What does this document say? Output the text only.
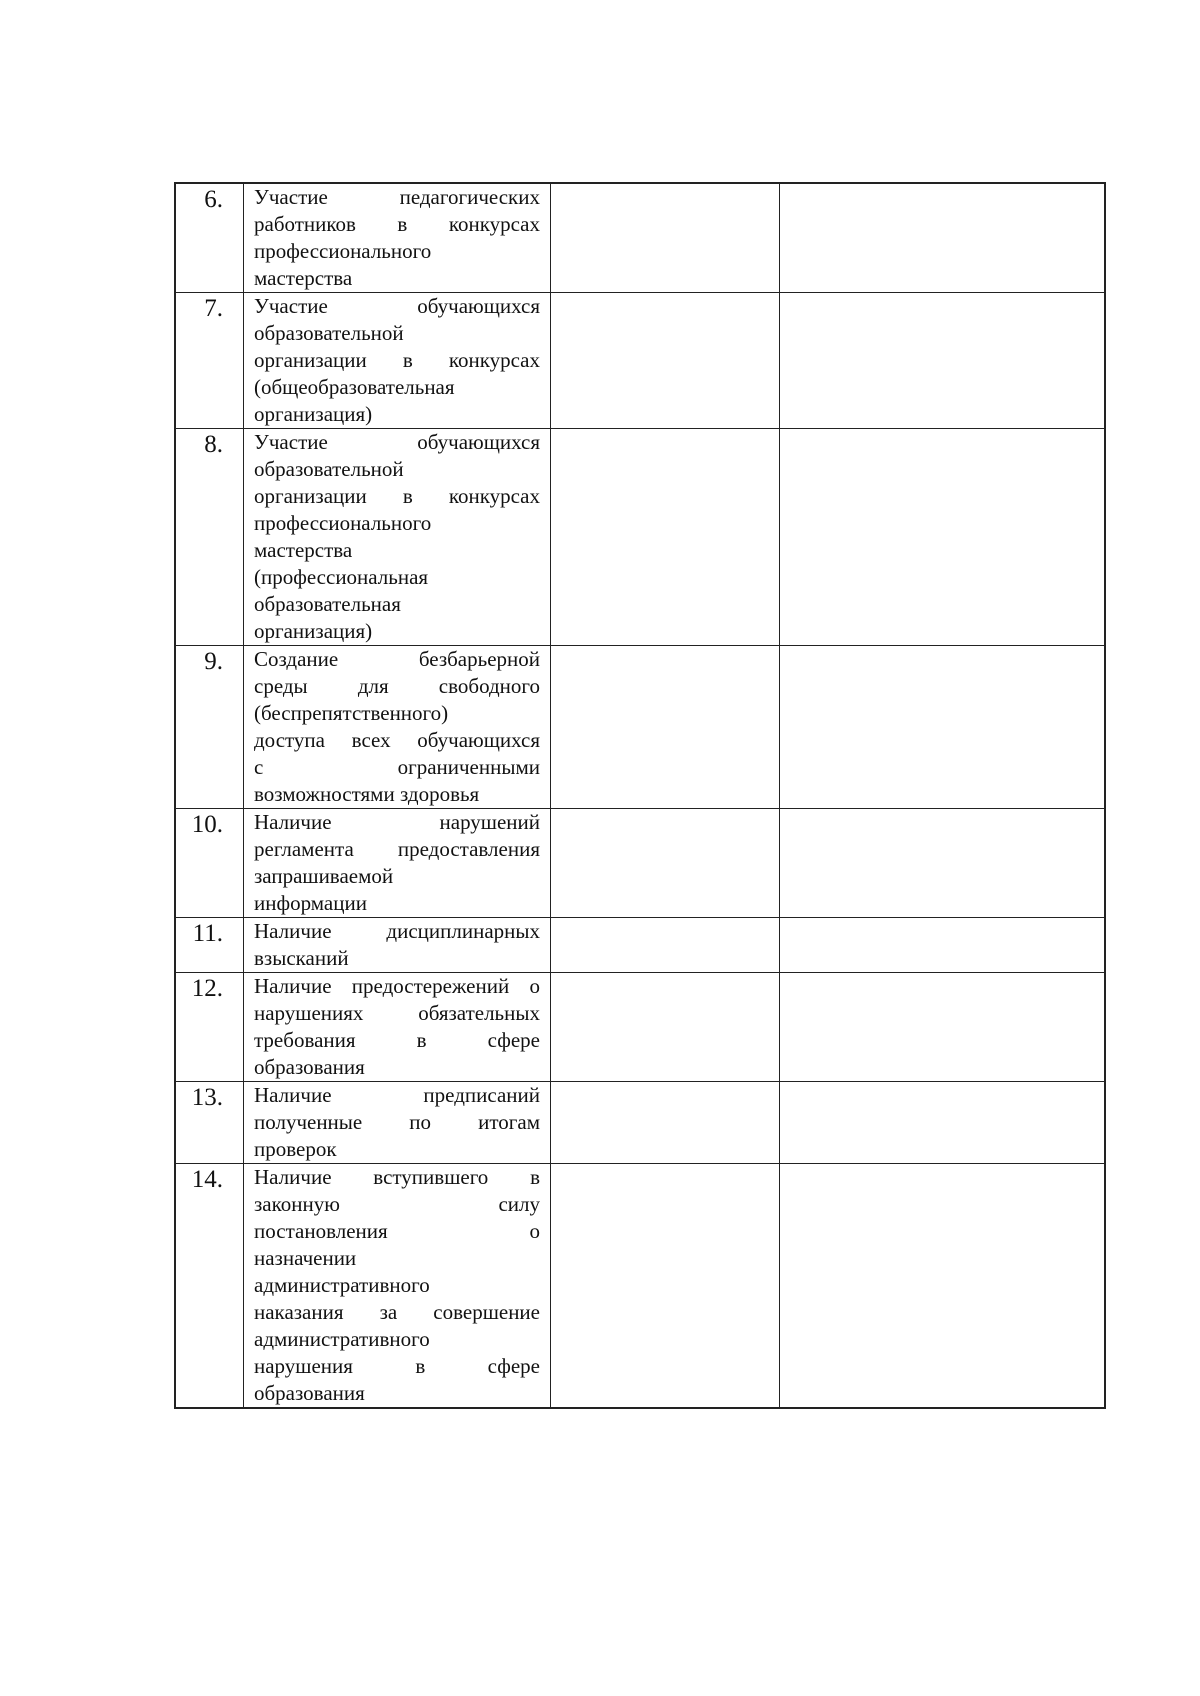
6.	Участие педагогических
работников в конкурсах
профессионального
мастерства
7.	Участие обучающихся
образовательной
организации в конкурсах
(общеобразовательная
организация)
8.	Участие обучающихся
образовательной
организации в конкурсах
профессионального
мастерства
(профессиональная
образовательная
организация)
9.	Создание безбарьерной
среды для свободного
(беспрепятственного)
доступа всех обучающихся
с ограниченными
возможностями здоровья
10.	Наличие нарушений
регламента предоставления
запрашиваемой
информации
11.	Наличие дисциплинарных
взысканий
12.	Наличие предостережений о
нарушениях обязательных
требования в сфере
образования
13.	Наличие предписаний
полученные по итогам
проверок
14.	Наличие вступившего в
законную силу
постановления о
назначении
административного
наказания за совершение
административного
нарушения в сфере
образования
